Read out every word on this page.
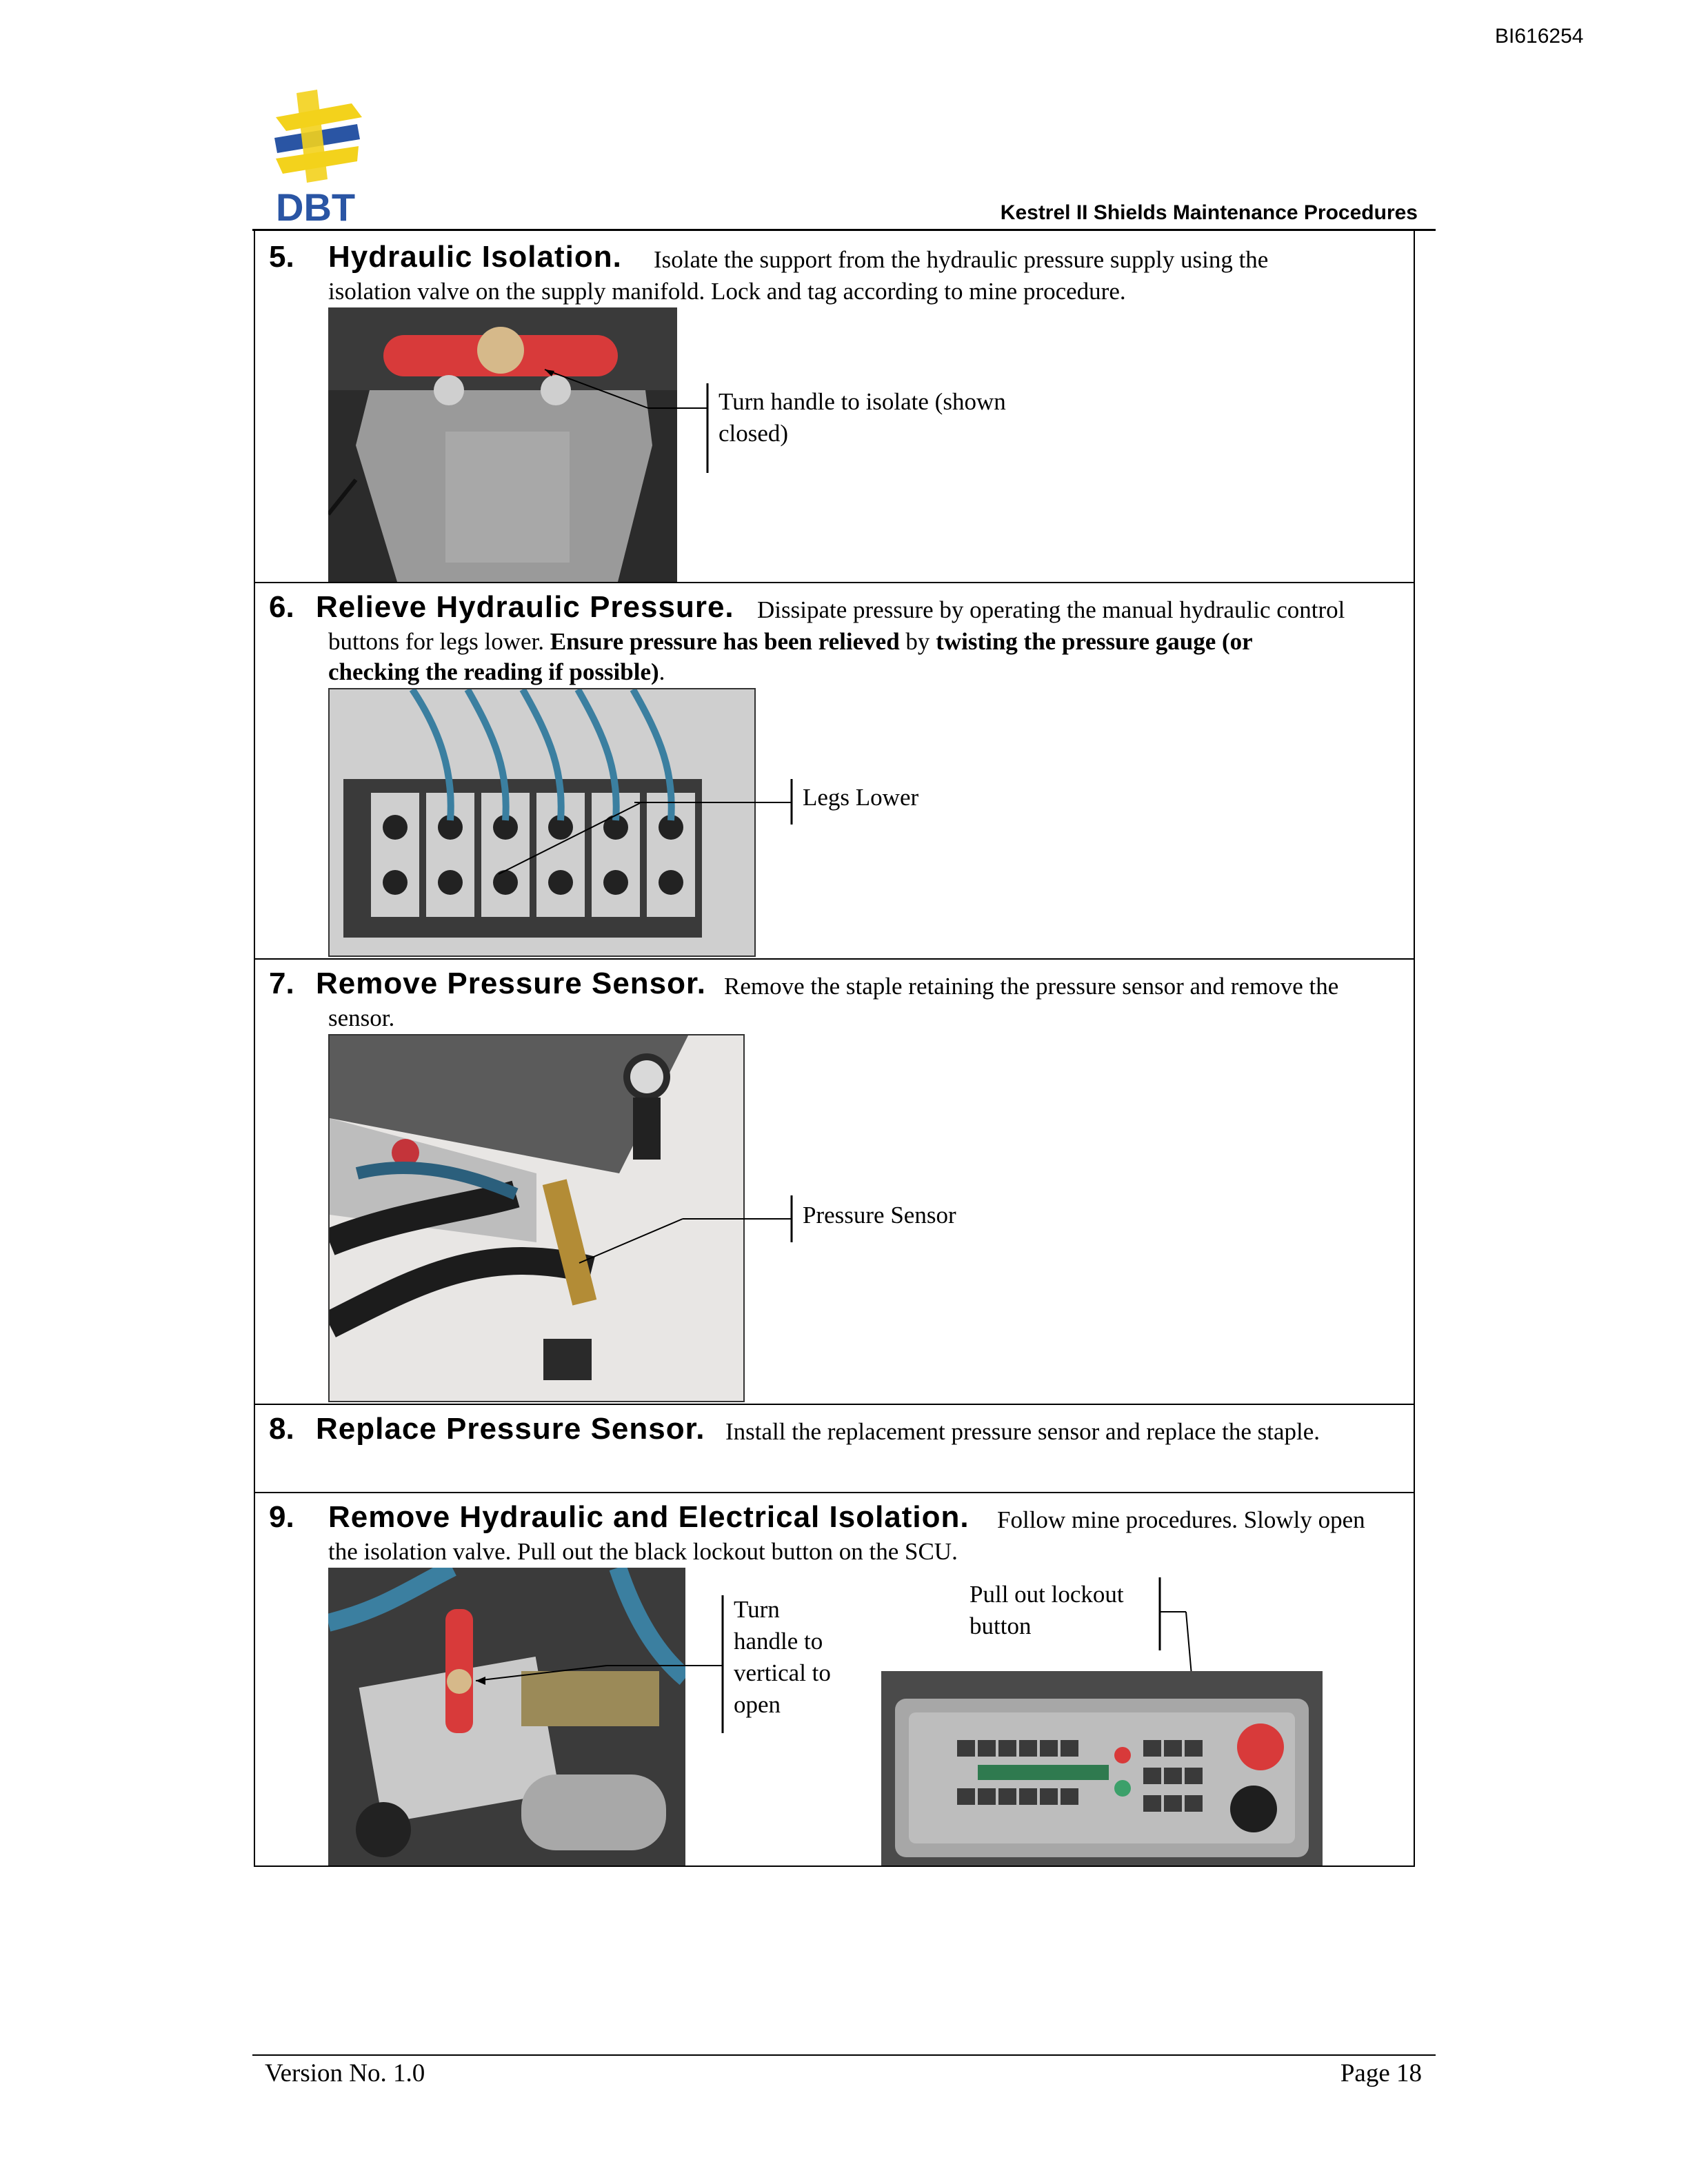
BI616254
DBT	Kestrel II Shields Maintenance Procedures
5. Hydraulic Isolation. Isolate the support from the hydraulic pressure supply using the
isolation valve on the supply manifold. Lock and tag according to mine procedure.
Turn handle to isolate (shown
closed)
6. Relieve Hydraulic Pressure. Dissipate pressure by operating the manual hydraulic control
buttons for legs lower. Ensure pressure has been relieved by twisting the pressure gauge (or
checking the reading if possible).
Legs Lower
7. Remove Pressure Sensor. Remove the staple retaining the pressure sensor and remove the
sensor.
Pressure Sensor
8. Replace Pressure Sensor. Install the replacement pressure sensor and replace the staple.
9. Remove Hydraulic and Electrical Isolation. Follow mine procedures. Slowly open
the isolation valve. Pull out the black lockout button on the SCU.
Turn
handle to
vertical to
open
Pull out lockout
button
Version No. 1.0	Page 18
